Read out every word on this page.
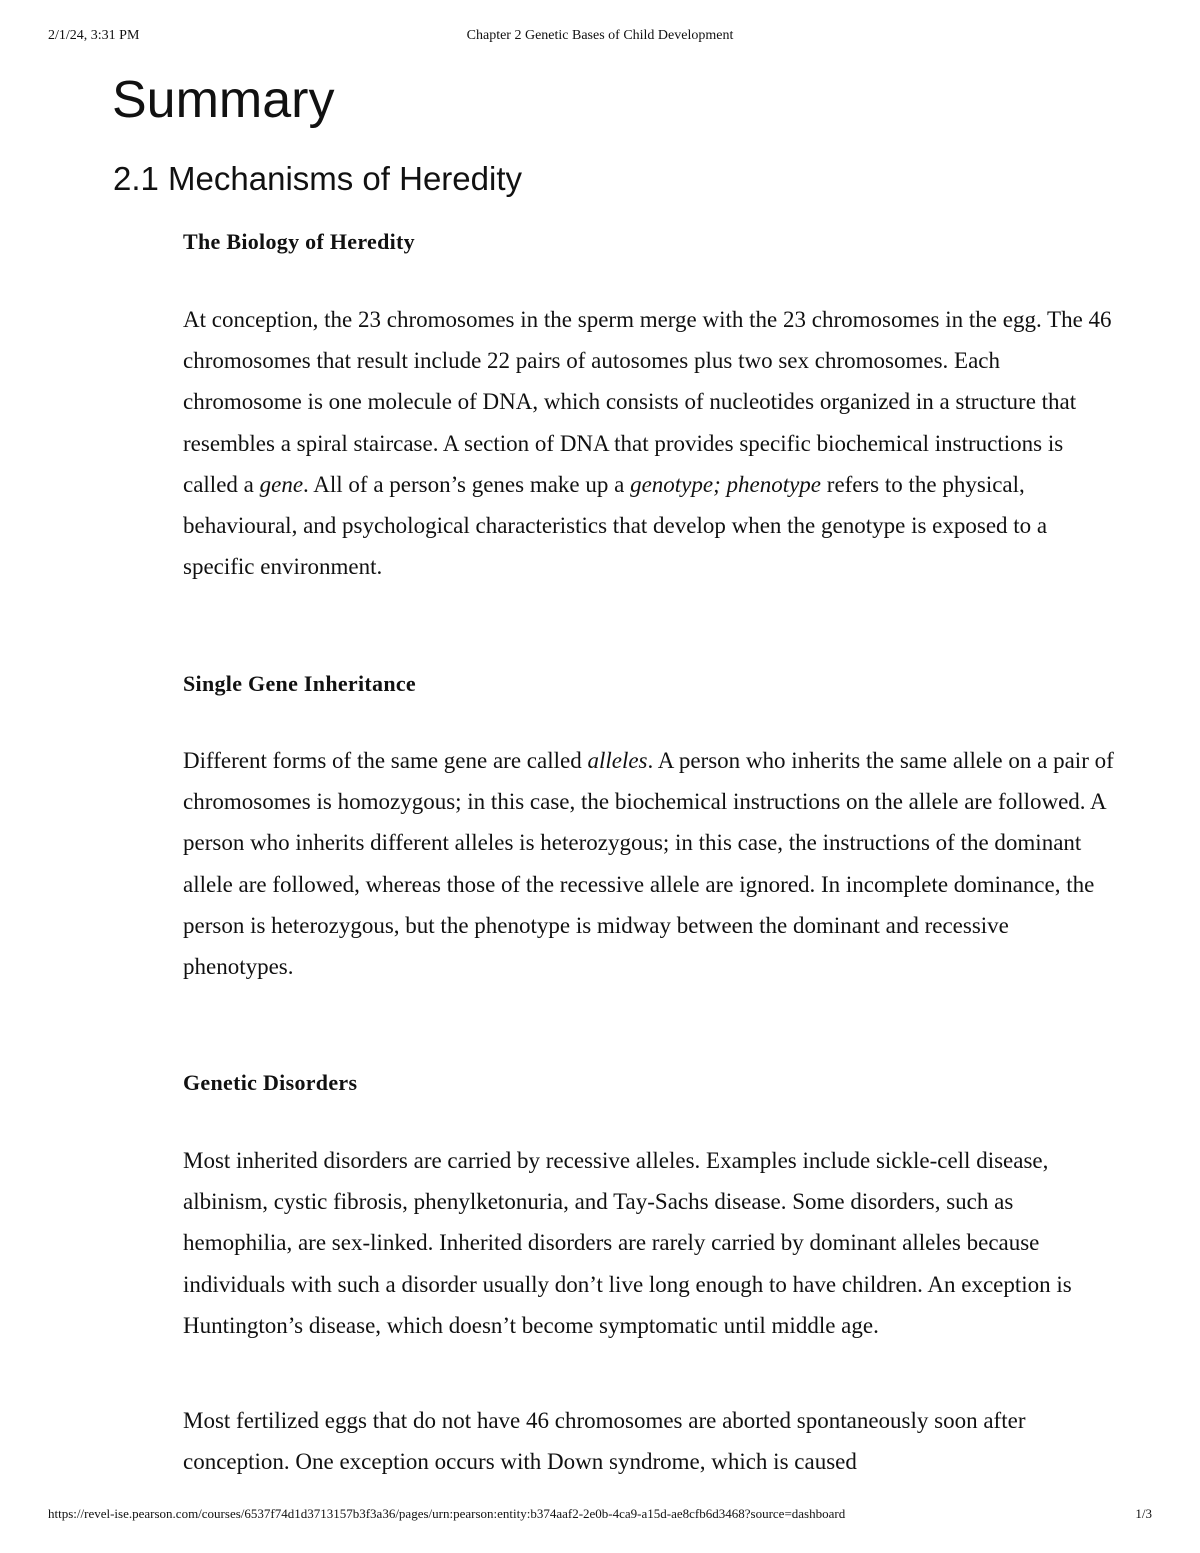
2/1/24, 3:31 PM	Chapter 2 Genetic Bases of Child Development
Summary
2.1 Mechanisms of Heredity
The Biology of Heredity

At conception, the 23 chromosomes in the sperm merge with the 23 chromosomes in the egg. The 46 chromosomes that result include 22 pairs of autosomes plus two sex chromosomes. Each chromosome is one molecule of DNA, which consists of nucleotides organized in a structure that resembles a spiral staircase. A section of DNA that provides specific biochemical instructions is called a gene. All of a person’s genes make up a genotype; phenotype refers to the physical, behavioural, and psychological characteristics that develop when the genotype is exposed to a specific environment.

Single Gene Inheritance

Different forms of the same gene are called alleles. A person who inherits the same allele on a pair of chromosomes is homozygous; in this case, the biochemical instructions on the allele are followed. A person who inherits different alleles is heterozygous; in this case, the instructions of the dominant allele are followed, whereas those of the recessive allele are ignored. In incomplete dominance, the person is heterozygous, but the phenotype is midway between the dominant and recessive phenotypes.

Genetic Disorders

Most inherited disorders are carried by recessive alleles. Examples include sickle-cell disease, albinism, cystic fibrosis, phenylketonuria, and Tay-Sachs disease. Some disorders, such as hemophilia, are sex-linked. Inherited disorders are rarely carried by dominant alleles because individuals with such a disorder usually don’t live long enough to have children. An exception is Huntington’s disease, which doesn’t become symptomatic until middle age.

Most fertilized eggs that do not have 46 chromosomes are aborted spontaneously soon after conception. One exception occurs with Down syndrome, which is caused

https://revel-ise.pearson.com/courses/6537f74d1d3713157b3f3a36/pages/urn:pearson:entity:b374aaf2-2e0b-4ca9-a15d-ae8cfb6d3468?source=dashboard	1/3
